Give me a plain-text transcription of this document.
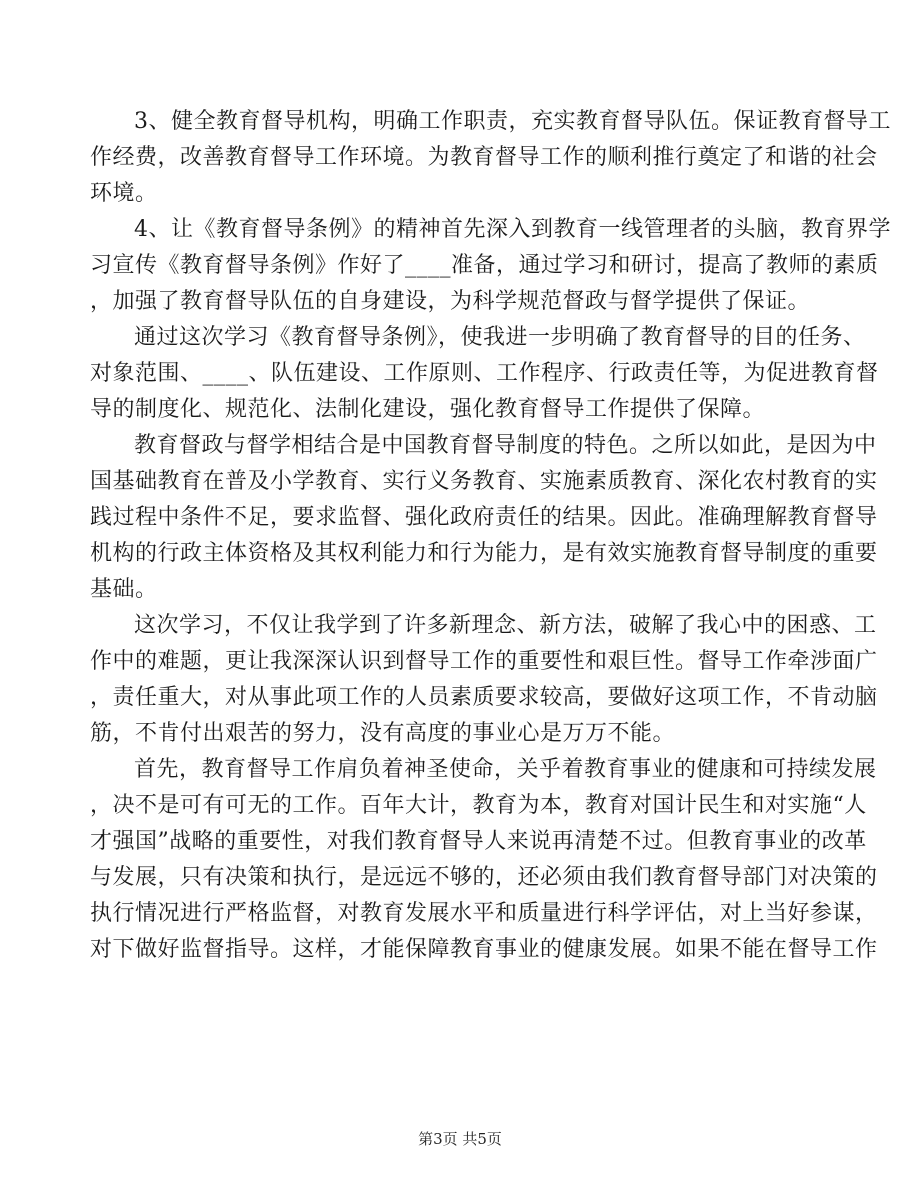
3、健全教育督导机构，明确工作职责，充实教育督导队伍。保证教育督导工
作经费，改善教育督导工作环境。为教育督导工作的顺利推行奠定了和谐的社会
环境。
4、让《教育督导条例》的精神首先深入到教育一线管理者的头脑，教育界学
习宣传《教育督导条例》作好了____准备，通过学习和研讨，提高了教师的素质
，加强了教育督导队伍的自身建设，为科学规范督政与督学提供了保证。
通过这次学习《教育督导条例》，使我进一步明确了教育督导的目的任务、
对象范围、____、队伍建设、工作原则、工作程序、行政责任等，为促进教育督
导的制度化、规范化、法制化建设，强化教育督导工作提供了保障。
教育督政与督学相结合是中国教育督导制度的特色。之所以如此，是因为中
国基础教育在普及小学教育、实行义务教育、实施素质教育、深化农村教育的实
践过程中条件不足，要求监督、强化政府责任的结果。因此。准确理解教育督导
机构的行政主体资格及其权利能力和行为能力，是有效实施教育督导制度的重要
基础。
这次学习，不仅让我学到了许多新理念、新方法，破解了我心中的困惑、工
作中的难题，更让我深深认识到督导工作的重要性和艰巨性。督导工作牵涉面广
，责任重大，对从事此项工作的人员素质要求较高，要做好这项工作，不肯动脑
筋，不肯付出艰苦的努力，没有高度的事业心是万万不能。
首先，教育督导工作肩负着神圣使命，关乎着教育事业的健康和可持续发展
，决不是可有可无的工作。百年大计，教育为本，教育对国计民生和对实施“人
才强国”战略的重要性，对我们教育督导人来说再清楚不过。但教育事业的改革
与发展，只有决策和执行，是远远不够的，还必须由我们教育督导部门对决策的
执行情况进行严格监督，对教育发展水平和质量进行科学评估，对上当好参谋，
对下做好监督指导。这样，才能保障教育事业的健康发展。如果不能在督导工作
第3页 共5页
